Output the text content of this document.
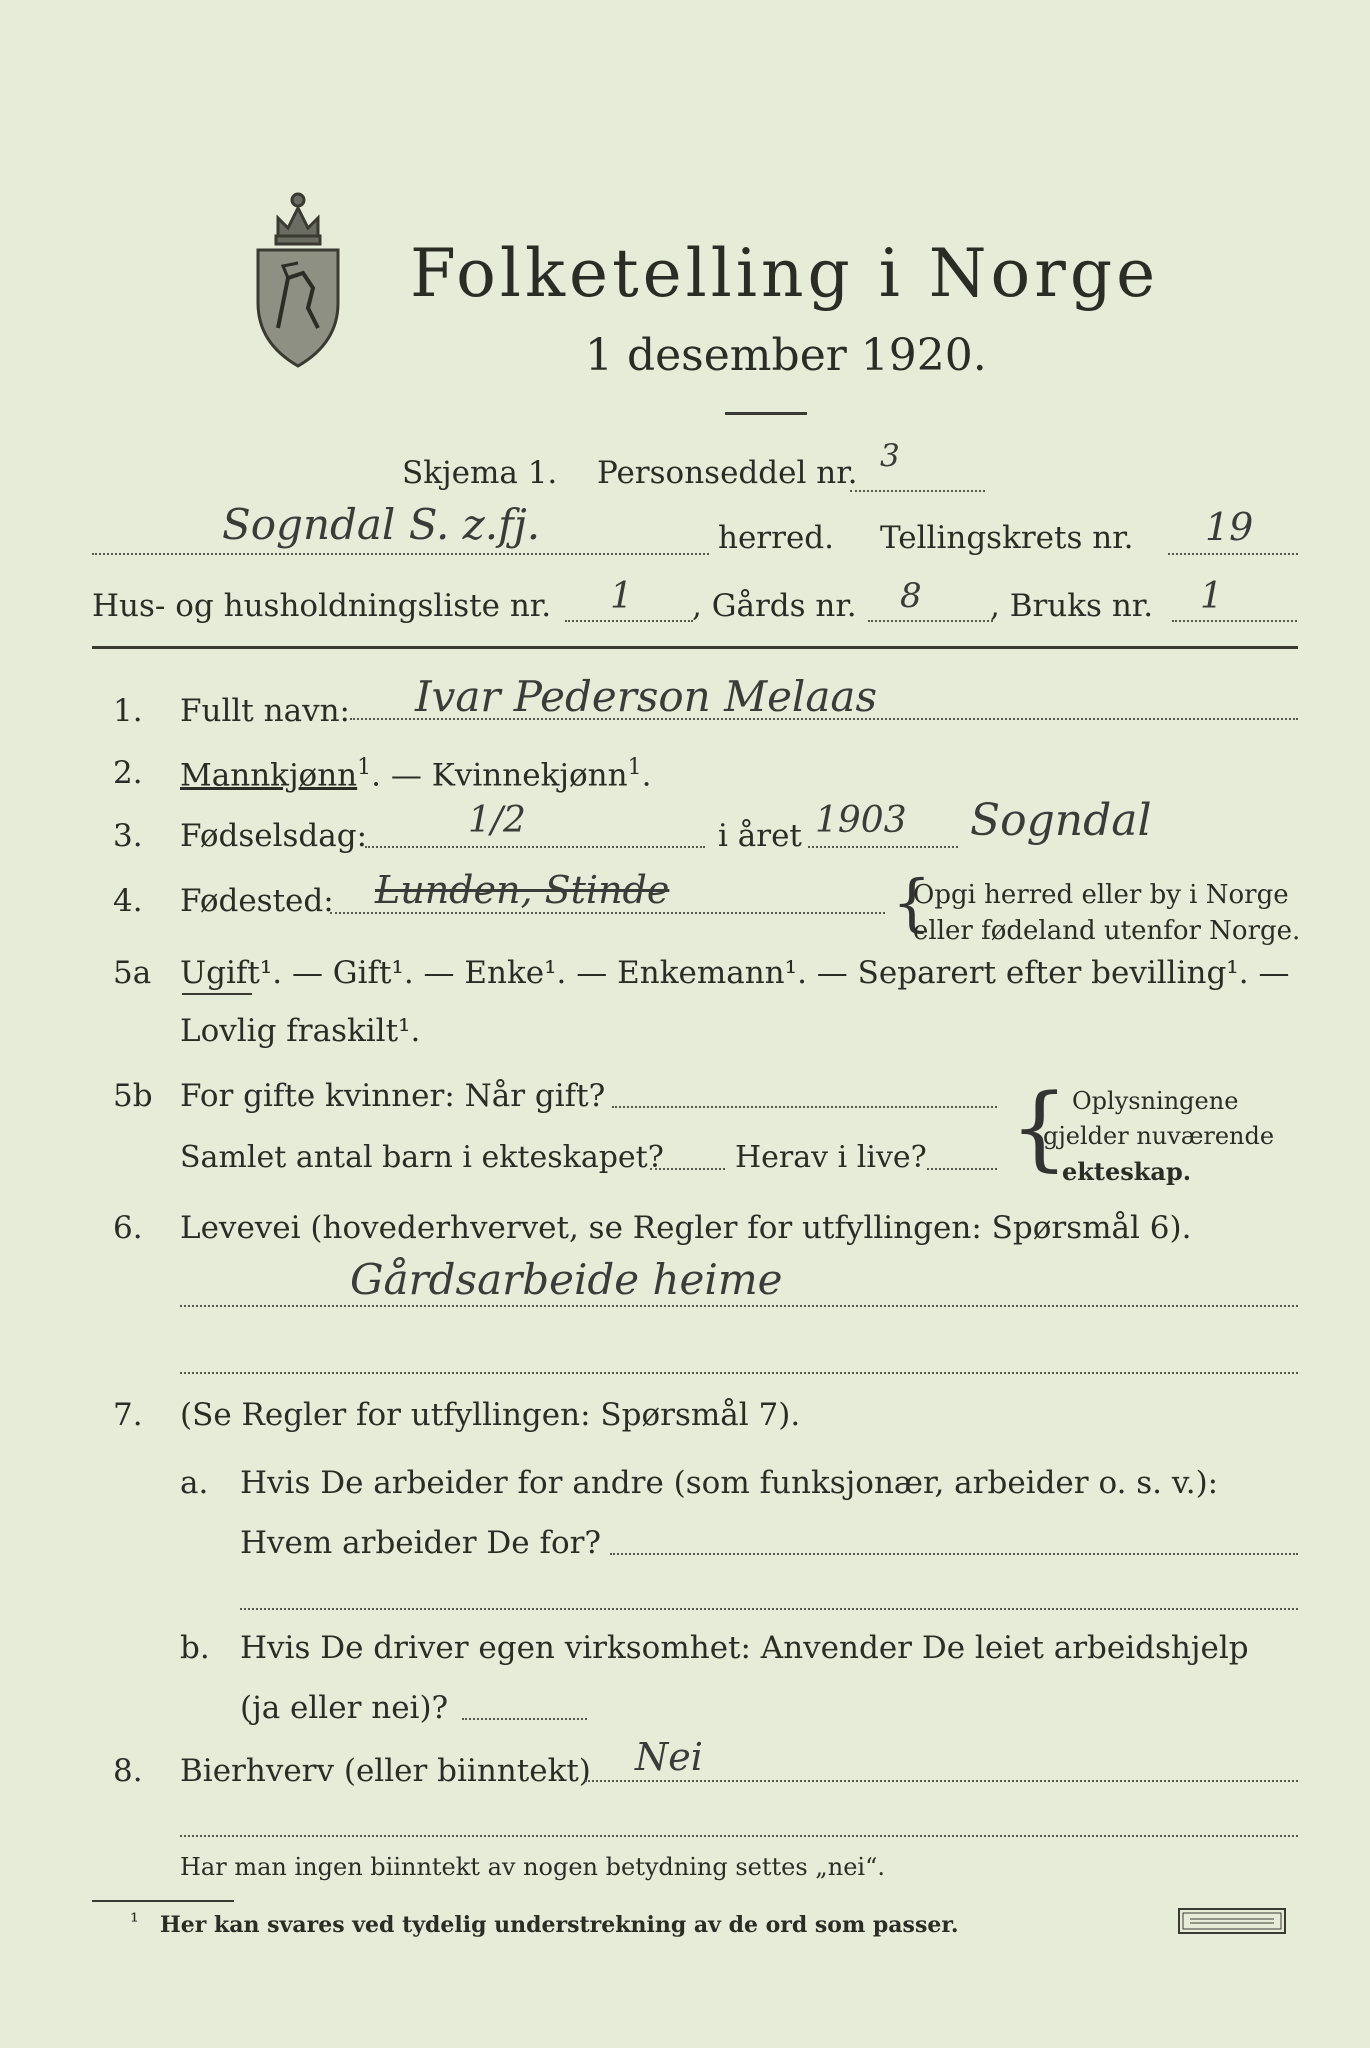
Folketelling i Norge
1 desember 1920.
Skjema 1. Personseddel nr. 3
Sogndal S. z.fj.	herred. Tellingskrets nr. 19
Hus- og husholdningsliste nr. 1 , Gårds nr. 8 , Bruks nr. 1
1. Fullt navn: Ivar Pederson Melaas
2. Mannkjønn$^1$. — Kvinnekjønn$^1$.
3. Fødselsdag:	1/2	i året 1903 Sogndal
4. Fødested: Lunden, Stinde	{
Opgi herred eller by i Norge
eller fødeland utenfor Norge.
5a Ugift¹. — Gift¹. — Enke¹. — Enkemann¹. — Separert efter bevilling¹. —
Lovlig fraskilt¹.
5b For gifte kvinner: Når gift?
Samlet antal barn i ekteskapet? Herav i live? { Oplysningene
gjelder nuværende
ekteskap.
6. Levevei (hovederhvervet, se Regler for utfyllingen: Spørsmål 6).
Gårdsarbeide heime
7. (Se Regler for utfyllingen: Spørsmål 7).
a. Hvis De arbeider for andre (som funksjonær, arbeider o. s. v.):
Hvem arbeider De for?
b. Hvis De driver egen virksomhet: Anvender De leiet arbeidshjelp
(ja eller nei)?
8. Bierhverv (eller biinntekt) Nei
Har man ingen biinntekt av nogen betydning settes „nei“.
¹ Her kan svares ved tydelig understrekning av de ord som passer.
